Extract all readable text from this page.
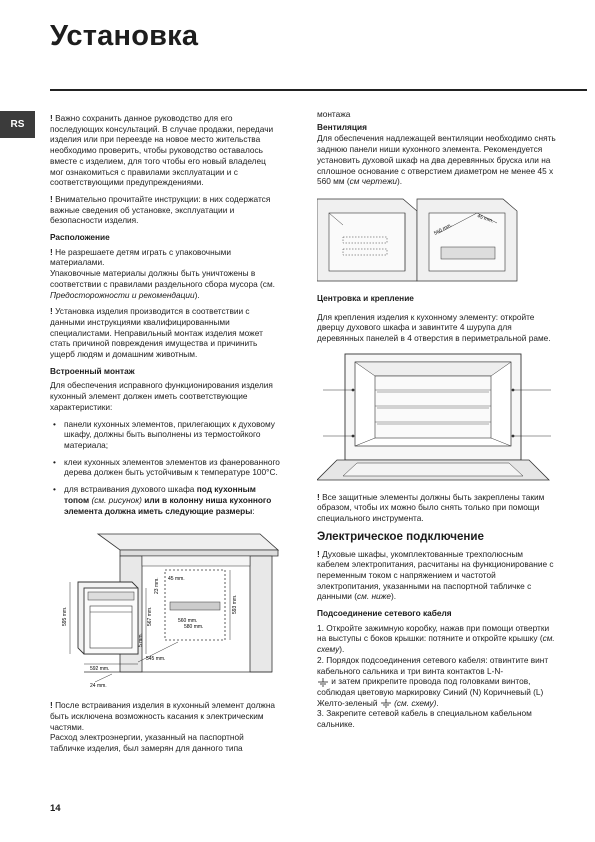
Установка
RS

! Важно сохранить данное руководство для его последующих консультаций. В случае продажи, передачи изделия или при переезде на новое место жительства необходимо проверить, чтобы руководство оставалось вместе с изделием, для того чтобы его новый владелец мог ознакомиться с правилами эксплуатации и с соответствующими предупреждениями.

! Внимательно прочитайте инструкции: в них содержатся важные сведения об установке, эксплуатации и безопасности изделия.

Расположение

! Не разрешаете детям играть с упаковочными материалами.
Упаковочные материалы должны быть уничтожены в соответствии с правилами раздельного сбора мусора (см. Предосторожности и рекомендации).

! Установка изделия производится в соответствии с данными инструкциями квалифицированными специалистами. Неправильный монтаж изделия может стать причиной повреждения имущества и причинить ущерб людям и домашним животным.

Встроенный монтаж

Для обеспечения исправного функционирования изделия кухонный элемент должен иметь соответствующие характеристики:

• панели кухонных элементов, прилегающих к духовому шкафу, должны быть выполнены из термостойкого материала;
• клеи кухонных элементов элементов из фанерованного дерева должен быть устойчивым к температуре 100°C.
• для встраивания духового шкафа под кухонным топом (см. рисунок) или в колонну ниша кухонного элемента должна иметь следующие размеры:
595 mm.	567 mm.
593 mm.
23 mm. 45 mm.
560 mm.
580 mm.
5 mm.
545 mm.
592 mm.
24 mm.

! После встраивания изделия в кухонный элемент должна быть исключена возможность касания к электрическим частями.

Расход электроэнергии, указанный на паспортной табличке изделия, был замерян для данного типа

монтажа

Вентиляция

Для обеспечения надлежащей вентиляции необходимо снять заднюю панели ниши кухонного элемента. Рекомендуется установить духовой шкаф на два деревянных бруска или на сплошное основание с отверстием диаметром не менее 45 x 560 мм (см чертежи).

560 mm.
45 mm.
Центровка и крепление

Для крепления изделия к кухонному элементу: откройте дверцу духового шкафа и завинтите 4 шурупа для деревянных панелей в 4 отверстия в периметральной раме.

! Все защитные элементы должны быть закреплены таким образом, чтобы их можно было снять только при помощи специального инструмента.

Электрическое подключение

! Духовые шкафы, укомплектованные трехполюсным кабелем электропитания, расчитаны на функционирование с переменным током с напряжением и частотой электропитания, указанными на паспортной табличке с данными (см. ниже).

Подсоединение сетевого кабеля

1. Откройте зажимную коробку, нажав при помощи отвертки на выступы с боков крышки: потяните и откройте крышку (см. схему).

2. Порядок подсоединения сетевого кабеля: отвинтите винт кабельного сальника и три винта контактов L-N-
и затем прикрепите провода под головками винтов, соблюдая цветовую маркировку Синий (N) Коричневый (L) Желто-зеленый  (см. схему).

3. Закрепите сетевой кабель в специальном кабельном сальнике.

14
